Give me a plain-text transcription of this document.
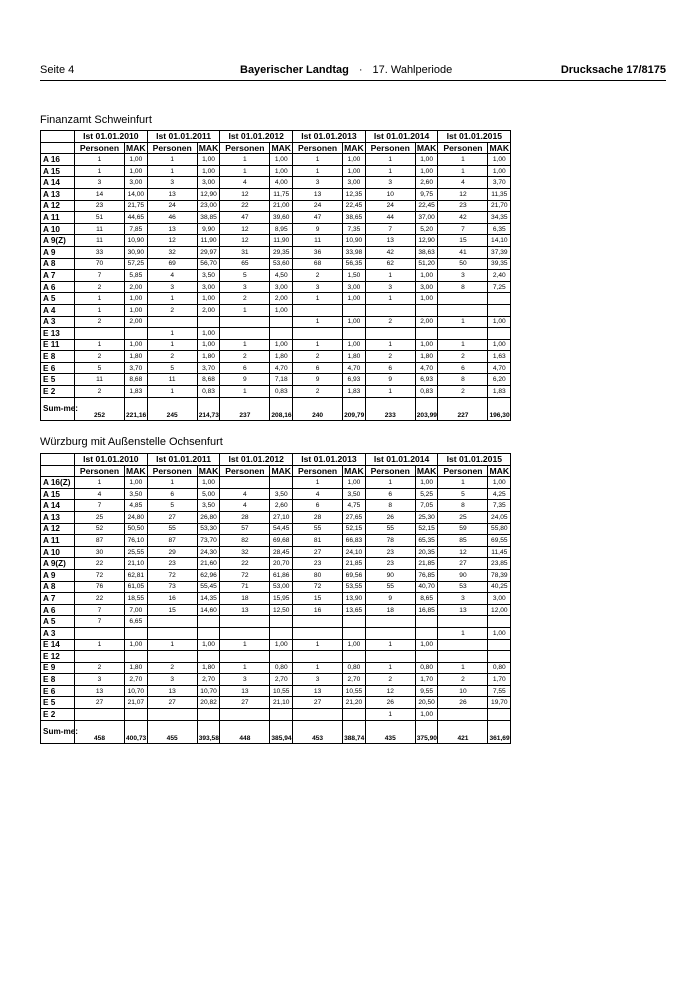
Seite 4	Bayerischer Landtag · 17. Wahlperiode	Drucksache 17/8175
Finanzamt Schweinfurt
	Ist 01.01.2010		Ist 01.01.2011		Ist 01.01.2012		Ist 01.01.2013		Ist 01.01.2014		Ist 01.01.2015	
	Personen	MAK	Personen	MAK	Personen	MAK	Personen	MAK	Personen	MAK	Personen	MAK
A 16	1	1,00	1	1,00	1	1,00	1	1,00	1	1,00	1	1,00
A 15	1	1,00	1	1,00	1	1,00	1	1,00	1	1,00	1	1,00
A 14	3	3,00	3	3,00	4	4,00	3	3,00	3	2,60	4	3,70
A 13	14	14,00	13	12,90	12	11,75	13	12,35	10	9,75	12	11,35
A 12	23	21,75	24	23,00	22	21,00	24	22,45	24	22,45	23	21,70
A 11	51	44,65	46	38,85	47	39,60	47	38,65	44	37,00	42	34,35
A 10	11	7,85	13	9,90	12	8,95	9	7,35	7	5,20	7	6,35
A 9(Z)	11	10,90	12	11,90	12	11,90	11	10,90	13	12,90	15	14,10
A 9	33	30,90	32	29,97	31	29,35	36	33,98	42	38,63	41	37,39
A 8	70	57,25	69	56,70	65	53,60	68	56,35	62	51,20	50	39,35
A 7	7	5,85	4	3,50	5	4,50	2	1,50	1	1,00	3	2,40
A 6	2	2,00	3	3,00	3	3,00	3	3,00	3	3,00	8	7,25
A 5	1	1,00	1	1,00	2	2,00	1	1,00	1	1,00		
A 4	1	1,00	2	2,00	1	1,00						
A 3	2	2,00					1	1,00	2	2,00	1	1,00
E 13			1	1,00								
E 11	1	1,00	1	1,00	1	1,00	1	1,00	1	1,00	1	1,00
E 8	2	1,80	2	1,80	2	1,80	2	1,80	2	1,80	2	1,63
E 6	5	3,70	5	3,70	6	4,70	6	4,70	6	4,70	6	4,70
E 5	11	8,68	11	8,68	9	7,18	9	6,93	9	6,93	8	6,20
E 2	2	1,83	1	0,83	1	0,83	2	1,83	1	0,83	2	1,83
Sum-me:	252	221,16	245	214,73	237	208,16	240	209,79	233	203,99	227	196,30
Würzburg mit Außenstelle Ochsenfurt
	Ist 01.01.2010		Ist 01.01.2011		Ist 01.01.2012		Ist 01.01.2013		Ist 01.01.2014		Ist 01.01.2015	
	Personen	MAK	Personen	MAK	Personen	MAK	Personen	MAK	Personen	MAK	Personen	MAK
A 16(Z)	1	1,00	1	1,00			1	1,00	1	1,00	1	1,00
A 15	4	3,50	6	5,00	4	3,50	4	3,50	6	5,25	5	4,25
A 14	7	4,85	5	3,50	4	2,60	6	4,75	8	7,05	8	7,35
A 13	25	24,80	27	26,80	28	27,10	28	27,65	26	25,30	25	24,05
A 12	52	50,50	55	53,30	57	54,45	55	52,15	55	52,15	59	55,80
A 11	87	76,10	87	73,70	82	69,68	81	66,83	78	65,35	85	69,55
A 10	30	25,55	29	24,30	32	28,45	27	24,10	23	20,35	12	11,45
A 9(Z)	22	21,10	23	21,60	22	20,70	23	21,85	23	21,85	27	23,85
A 9	72	62,81	72	62,96	72	61,86	80	69,56	90	76,85	90	78,39
A 8	76	61,05	73	55,45	71	53,00	72	53,55	55	40,70	53	40,25
A 7	22	18,55	16	14,35	18	15,95	15	13,90	9	8,65	3	3,00
A 6	7	7,00	15	14,60	13	12,50	16	13,65	18	16,85	13	12,00
A 5	7	6,65										
A 3											1	1,00
E 14	1	1,00	1	1,00	1	1,00	1	1,00	1	1,00		
E 12												
E 9	2	1,80	2	1,80	1	0,80	1	0,80	1	0,80	1	0,80
E 8	3	2,70	3	2,70	3	2,70	3	2,70	2	1,70	2	1,70
E 6	13	10,70	13	10,70	13	10,55	13	10,55	12	9,55	10	7,55
E 5	27	21,07	27	20,82	27	21,10	27	21,20	26	20,50	26	19,70
E 2									1	1,00		
Sum-me:	458	400,73	455	393,58	448	385,94	453	388,74	435	375,90	421	361,69
